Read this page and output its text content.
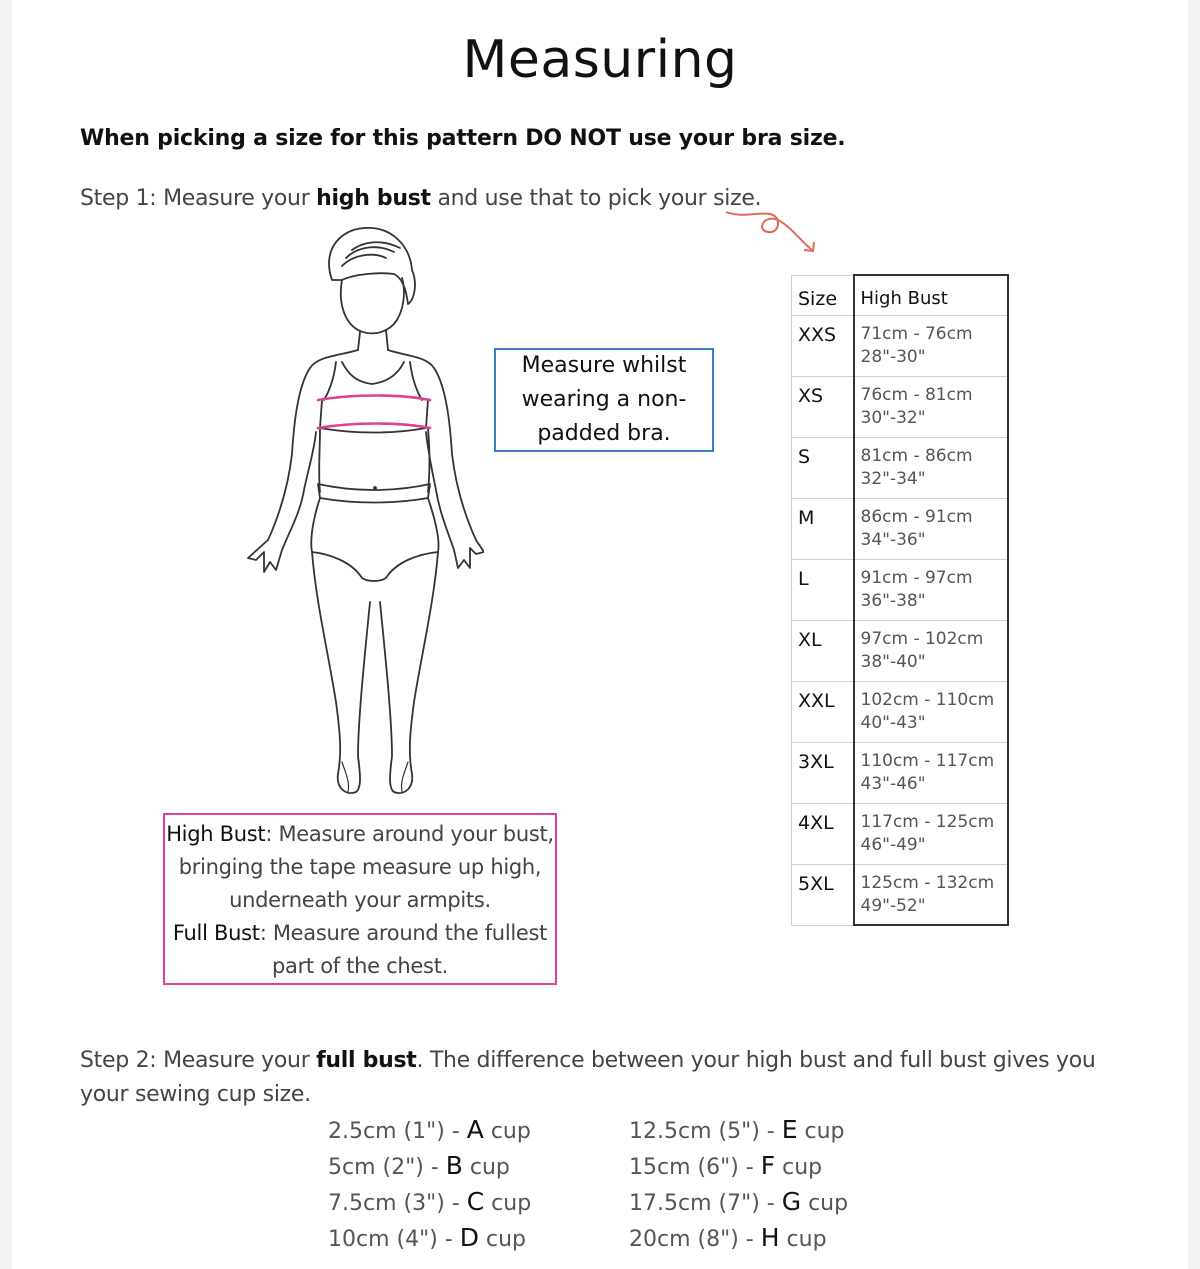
Measuring
When picking a size for this pattern DO NOT use your bra size.
Step 1: Measure your high bust and use that to pick your size.
Measure whilst wearing a non-padded bra.
High Bust: Measure around your bust, bringing the tape measure up high, underneath your armpits.
Full Bust: Measure around the fullest part of the chest.
Size	High Bust
XXS	71cm - 76cm
28"-30"
XS	76cm - 81cm
30"-32"
S	81cm - 86cm
32"-34"
M	86cm - 91cm
34"-36"
L	91cm - 97cm
36"-38"
XL	97cm - 102cm
38"-40"
XXL	102cm - 110cm
40"-43"
3XL	110cm - 117cm
43"-46"
4XL	117cm - 125cm
46"-49"
5XL	125cm - 132cm
49"-52"
Step 2: Measure your full bust. The difference between your high bust and full bust gives you your sewing cup size.
2.5cm (1") - A cup
5cm (2") - B cup
7.5cm (3") - C cup
10cm (4") - D cup
12.5cm (5") - E cup
15cm (6") - F cup
17.5cm (7") - G cup
20cm (8") - H cup
